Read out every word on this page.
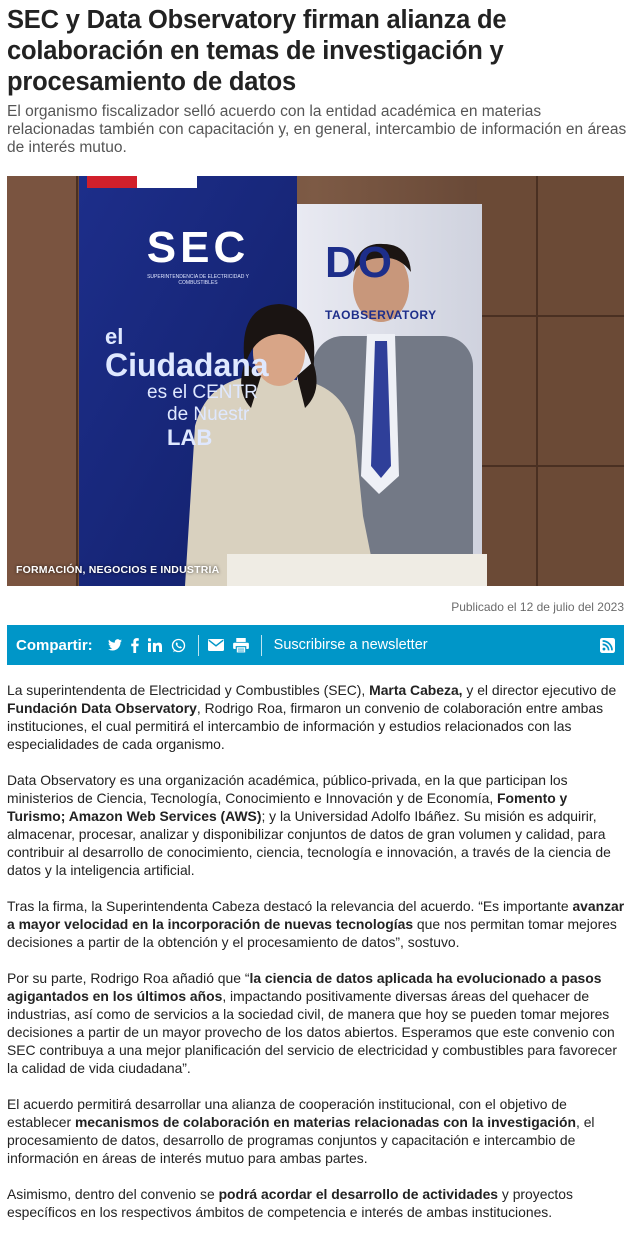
SEC y Data Observatory firman alianza de colaboración en temas de investigación y procesamiento de datos

El organismo fiscalizador selló acuerdo con la entidad académica en materias relacionadas también con capacitación y, en general, intercambio de información en áreas de interés mutuo.

SEC
SUPERINTENDENCIA DE ELECTRICIDAD Y COMBUSTIBLES
el
Ciudadana
es el CENTR
de Nuestr
LAB
DO
TAOBSERVATORY
FORMACIÓN, NEGOCIOS E INDUSTRIA
Publicado el 12 de julio del 2023
Compartir:	Suscribirse a newsletter

La superintendenta de Electricidad y Combustibles (SEC), Marta Cabeza, y el director ejecutivo de Fundación Data Observatory, Rodrigo Roa, firmaron un convenio de colaboración entre ambas instituciones, el cual permitirá el intercambio de información y estudios relacionados con las especialidades de cada organismo.

Data Observatory es una organización académica, público-privada, en la que participan los ministerios de Ciencia, Tecnología, Conocimiento e Innovación y de Economía, Fomento y Turismo; Amazon Web Services (AWS); y la Universidad Adolfo Ibáñez. Su misión es adquirir, almacenar, procesar, analizar y disponibilizar conjuntos de datos de gran volumen y calidad, para contribuir al desarrollo de conocimiento, ciencia, tecnología e innovación, a través de la ciencia de datos y la inteligencia artificial.

Tras la firma, la Superintendenta Cabeza destacó la relevancia del acuerdo. “Es importante avanzar a mayor velocidad en la incorporación de nuevas tecnologías que nos permitan tomar mejores decisiones a partir de la obtención y el procesamiento de datos”, sostuvo.

Por su parte, Rodrigo Roa añadió que “la ciencia de datos aplicada ha evolucionado a pasos agigantados en los últimos años, impactando positivamente diversas áreas del quehacer de industrias, así como de servicios a la sociedad civil, de manera que hoy se pueden tomar mejores decisiones a partir de un mayor provecho de los datos abiertos. Esperamos que este convenio con SEC contribuya a una mejor planificación del servicio de electricidad y combustibles para favorecer la calidad de vida ciudadana”.

El acuerdo permitirá desarrollar una alianza de cooperación institucional, con el objetivo de establecer mecanismos de colaboración en materias relacionadas con la investigación, el procesamiento de datos, desarrollo de programas conjuntos y capacitación e intercambio de información en áreas de interés mutuo para ambas partes.

Asimismo, dentro del convenio se podrá acordar el desarrollo de actividades y proyectos específicos en los respectivos ámbitos de competencia e interés de ambas instituciones.
